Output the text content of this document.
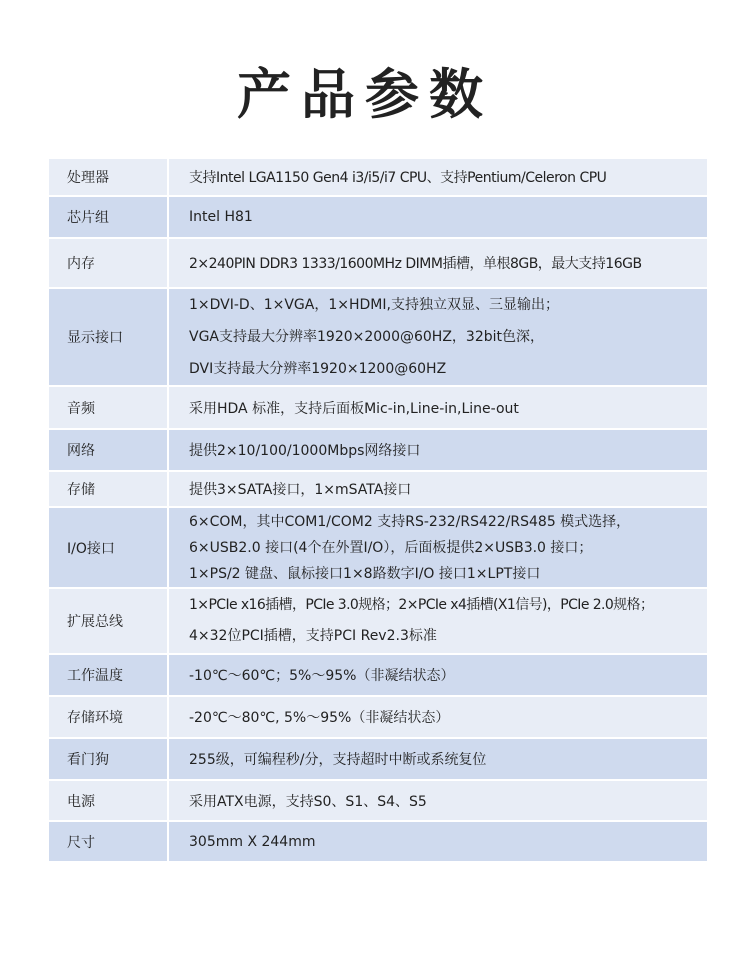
产品参数
处理器	支持Intel LGA1150 Gen4 i3/i5/i7 CPU、支持Pentium/Celeron CPU

芯片组	Intel H81

内存	2×240PIN DDR3 1333/1600MHz DIMM插槽，单根8GB，最大支持16GB

显示接口	1×DVI-D、1×VGA，1×HDMI,支持独立双显、三显输出；
VGA支持最大分辨率1920×2000@60HZ，32bit色深，
DVI支持最大分辨率1920×1200@60HZ

音频	采用HDA 标准，支持后面板Mic-in,Line-in,Line-out

网络	提供2×10/100/1000Mbps网络接口

存储	提供3×SATA接口，1×mSATA接口

I/O接口	6×COM，其中COM1/COM2 支持RS-232/RS422/RS485 模式选择，
6×USB2.0 接口(4个在外置I/O），后面板提供2×USB3.0 接口；
1×PS/2 键盘、鼠标接口1×8路数字I/O 接口1×LPT接口

扩展总线	1×PCIe x16插槽，PCIe 3.0规格；2×PCIe x4插槽(X1信号)，PCIe 2.0规格；
4×32位PCI插槽，支持PCI Rev2.3标准

工作温度	-10℃～60℃；5%～95%（非凝结状态）

存储环境	-20℃～80℃, 5%～95%（非凝结状态）

看门狗	255级，可编程秒/分，支持超时中断或系统复位

电源	采用ATX电源，支持S0、S1、S4、S5

尺寸	305mm X 244mm
